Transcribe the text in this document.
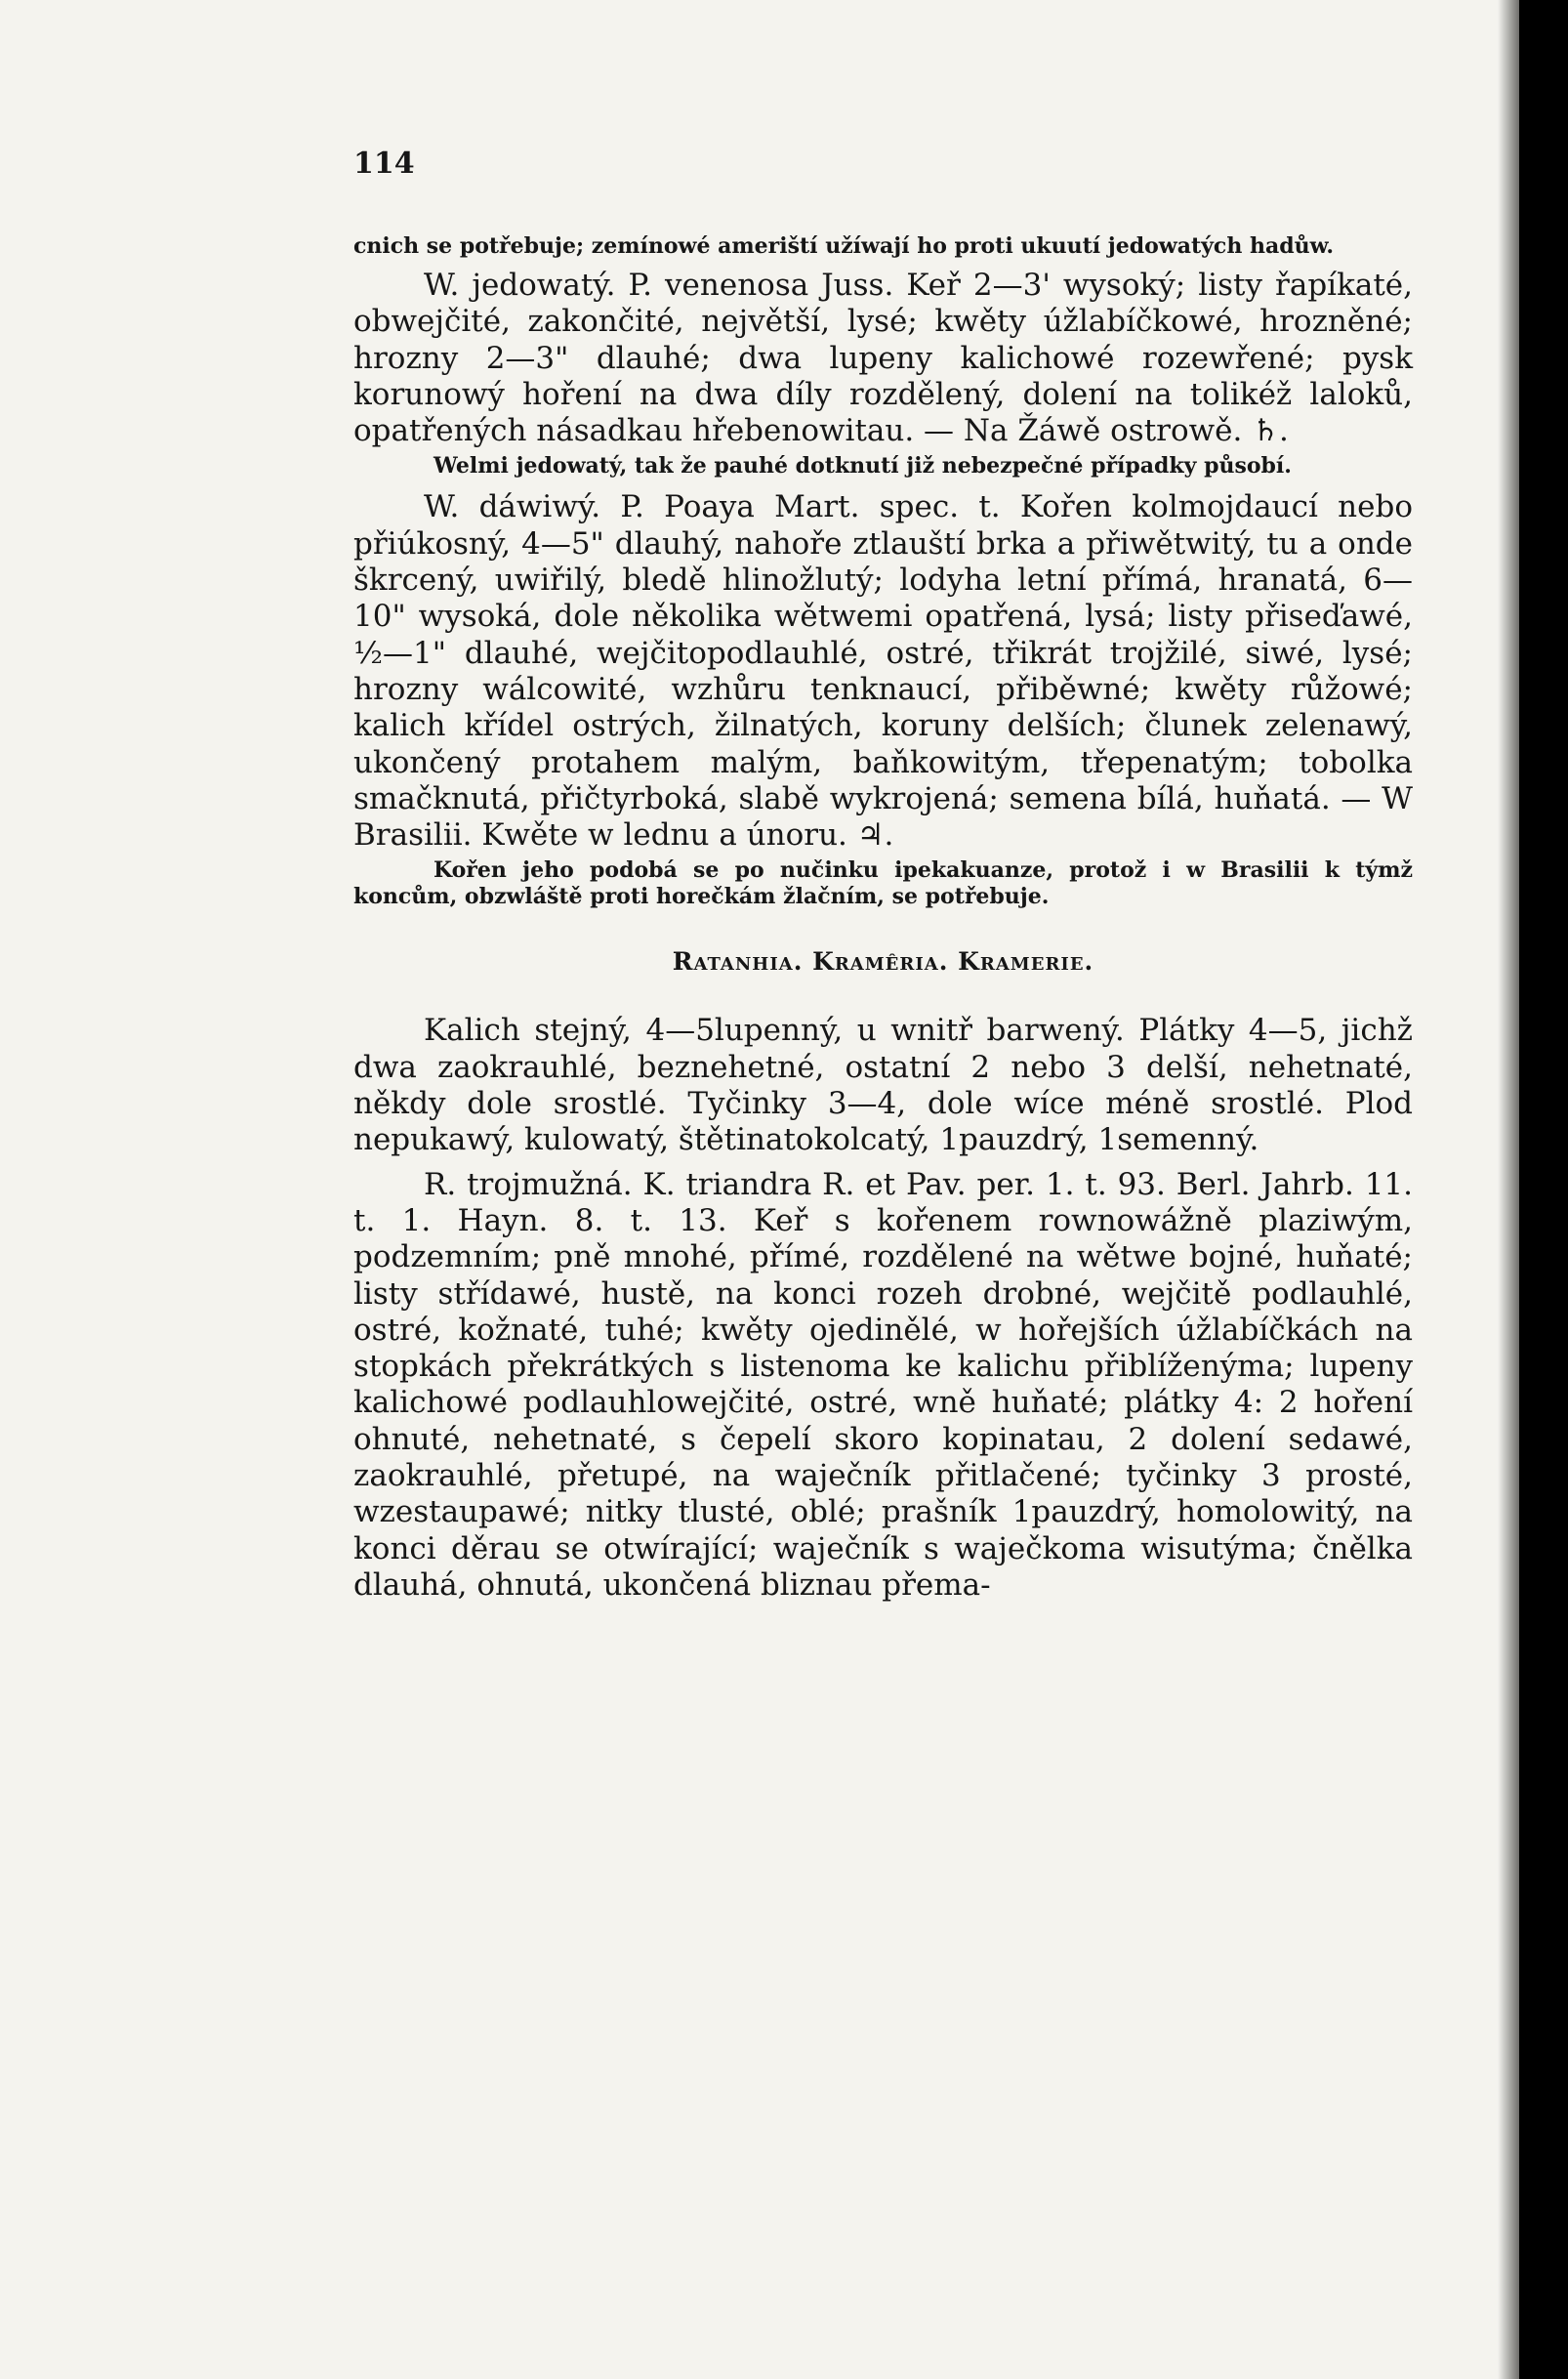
114

cnich se potřebuje; zemínowé ameriští užíwají ho proti ukuutí jedowatých hadůw.

W. jedowatý. P. venenosa Juss. Keř 2—3' wysoký; listy řapíkaté, obwejčité, zakončité, největší, lysé; kwěty úžlabíčkowé, hrozněné; hrozny 2—3" dlauhé; dwa lupeny kalichowé rozewřené; pysk korunowý hoření na dwa díly rozdělený, dolení na tolikéž laloků, opatřených násadkau hřebenowitau. — Na Žáwě ostrowě. ♄.

Welmi jedowatý, tak že pauhé dotknutí již nebezpečné případky působí.

W. dáwiwý. P. Poaya Mart. spec. t. Kořen kolmojdaucí nebo přiúkosný, 4—5" dlauhý, nahoře ztlauští brka a přiwětwitý, tu a onde škrcený, uwiřilý, bledě hlinožlutý; lodyha letní přímá, hranatá, 6—10" wysoká, dole několika wětwemi opatřená, lysá; listy přiseďawé, ½—1" dlauhé, wejčitopodlauhlé, ostré, třikrát trojžilé, siwé, lysé; hrozny wálcowité, wzhůru tenknaucí, přiběwné; kwěty růžowé; kalich křídel ostrých, žilnatých, koruny delších; člunek zelenawý, ukončený protahem malým, baňkowitým, třepenatým; tobolka smačknutá, přičtyrboká, slabě wykrojená; semena bílá, huňatá. — W Brasilii. Kwěte w lednu a únoru. ♃.

Kořen jeho podobá se po nučinku ipekakuanze, protož i w Brasilii k týmž koncům, obzwláště proti horečkám žlačním, se potřebuje.

Ratanhia. Kramêria. Kramerie.

Kalich stejný, 4—5lupenný, u wnitř barwený. Plátky 4—5, jichž dwa zaokrauhlé, beznehetné, ostatní 2 nebo 3 delší, nehetnaté, někdy dole srostlé. Tyčinky 3—4, dole wíce méně srostlé. Plod nepukawý, kulowatý, štětinatokolcatý, 1pauzdrý, 1semenný.

R. trojmužná. K. triandra R. et Pav. per. 1. t. 93. Berl. Jahrb. 11. t. 1. Hayn. 8. t. 13. Keř s kořenem rownowážně plaziwým, podzemním; pně mnohé, přímé, rozdělené na wětwe bojné, huňaté; listy střídawé, hustě, na konci rozeh drobné, wejčitě podlauhlé, ostré, kožnaté, tuhé; kwěty ojedinělé, w hořejších úžlabíčkách na stopkách překrátkých s listenoma ke kalichu přiblíženýma; lupeny kalichowé podlauhlowejčité, ostré, wně huňaté; plátky 4: 2 hoření ohnuté, nehetnaté, s čepelí skoro kopinatau, 2 dolení sedawé, zaokrauhlé, přetupé, na waječník přitlačené; tyčinky 3 prosté, wzestaupawé; nitky tlusté, oblé; prašník 1pauzdrý, homolowitý, na konci děrau se otwírající; waječník s waječkoma wisutýma; čnělka dlauhá, ohnutá, ukončená bliznau přema-
